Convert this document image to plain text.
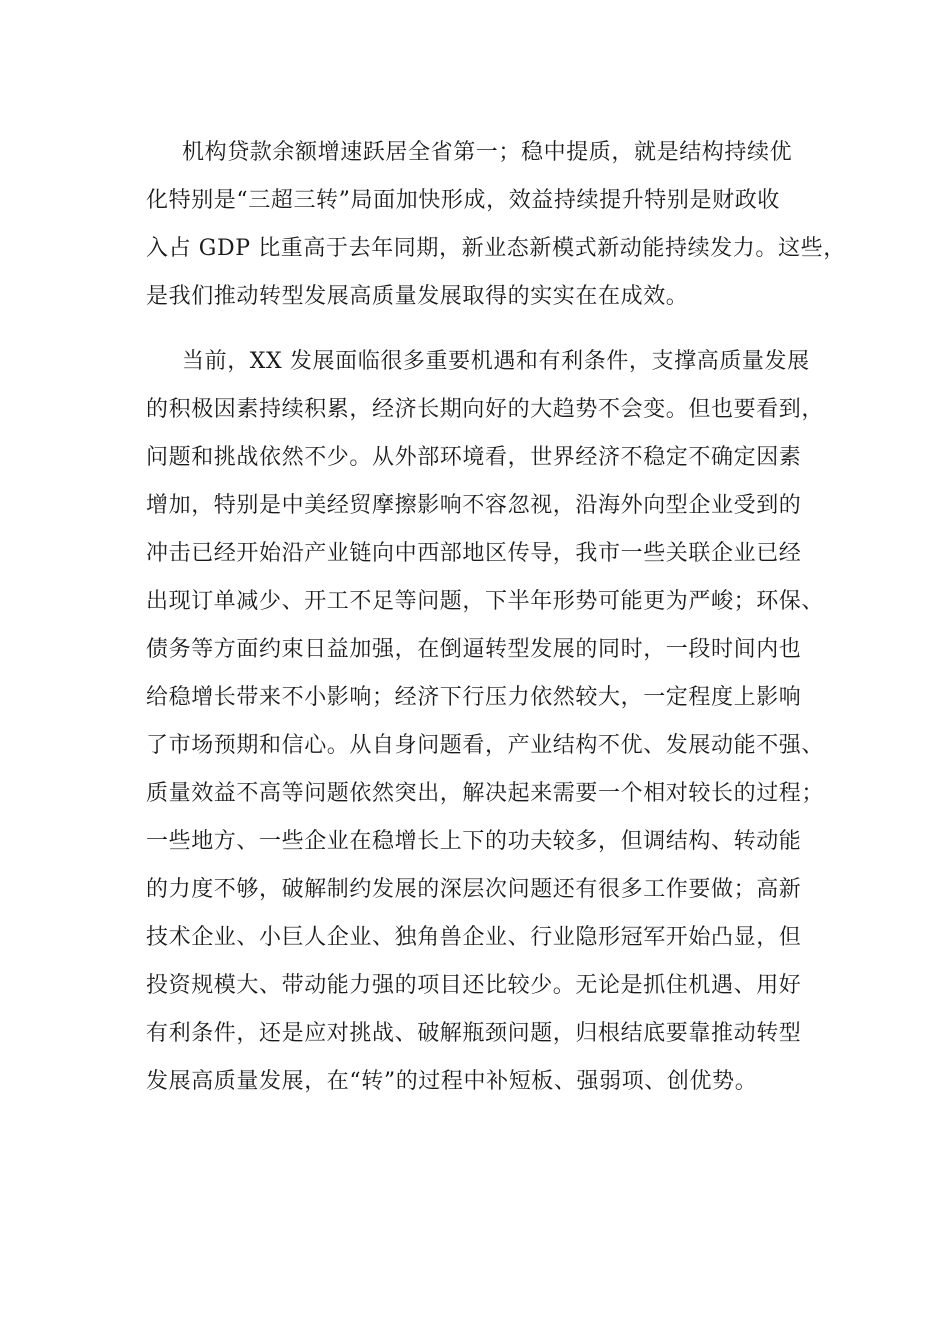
机构贷款余额增速跃居全省第一；稳中提质，就是结构持续优
化特别是“三超三转”局面加快形成，效益持续提升特别是财政收
入占 GDP 比重高于去年同期，新业态新模式新动能持续发力。这些，
是我们推动转型发展高质量发展取得的实实在在成效。
当前，XX 发展面临很多重要机遇和有利条件，支撑高质量发展
的积极因素持续积累，经济长期向好的大趋势不会变。但也要看到，
问题和挑战依然不少。从外部环境看，世界经济不稳定不确定因素
增加，特别是中美经贸摩擦影响不容忽视，沿海外向型企业受到的
冲击已经开始沿产业链向中西部地区传导，我市一些关联企业已经
出现订单减少、开工不足等问题，下半年形势可能更为严峻；环保、
债务等方面约束日益加强，在倒逼转型发展的同时，一段时间内也
给稳增长带来不小影响；经济下行压力依然较大，一定程度上影响
了市场预期和信心。从自身问题看，产业结构不优、发展动能不强、
质量效益不高等问题依然突出，解决起来需要一个相对较长的过程；
一些地方、一些企业在稳增长上下的功夫较多，但调结构、转动能
的力度不够，破解制约发展的深层次问题还有很多工作要做；高新
技术企业、小巨人企业、独角兽企业、行业隐形冠军开始凸显，但
投资规模大、带动能力强的项目还比较少。无论是抓住机遇、用好
有利条件，还是应对挑战、破解瓶颈问题，归根结底要靠推动转型
发展高质量发展，在“转”的过程中补短板、强弱项、创优势。
